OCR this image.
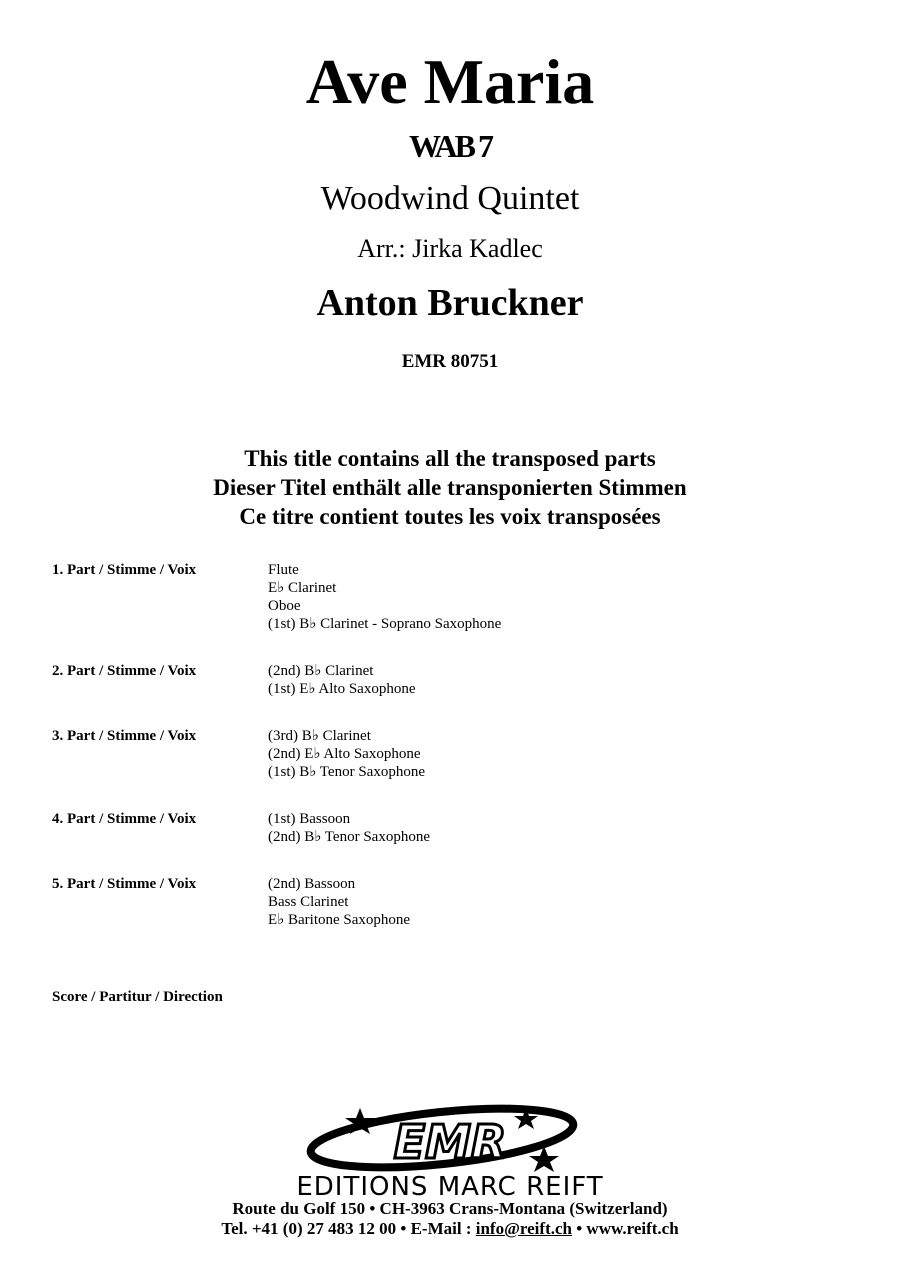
Ave Maria
WAB 7
Woodwind Quintet
Arr.: Jirka Kadlec
Anton Bruckner
EMR 80751
This title contains all the transposed parts
Dieser Titel enthält alle transponierten Stimmen
Ce titre contient toutes les voix transposées
1. Part / Stimme / Voix	Flute
E♭ Clarinet
Oboe
(1st) B♭ Clarinet - Soprano Saxophone
2. Part / Stimme / Voix	(2nd) B♭ Clarinet
(1st) E♭ Alto Saxophone
3. Part / Stimme / Voix	(3rd) B♭ Clarinet
(2nd) E♭ Alto Saxophone
(1st) B♭ Tenor Saxophone
4. Part / Stimme / Voix	(1st) Bassoon
(2nd) B♭ Tenor Saxophone
5. Part / Stimme / Voix	(2nd) Bassoon
Bass Clarinet
E♭ Baritone Saxophone
Score / Partitur / Direction
EMR
EDITIONS MARC REIFT
Route du Golf 150 • CH-3963 Crans-Montana (Switzerland)
Tel. +41 (0) 27 483 12 00 • E-Mail : info@reift.ch • www.reift.ch
